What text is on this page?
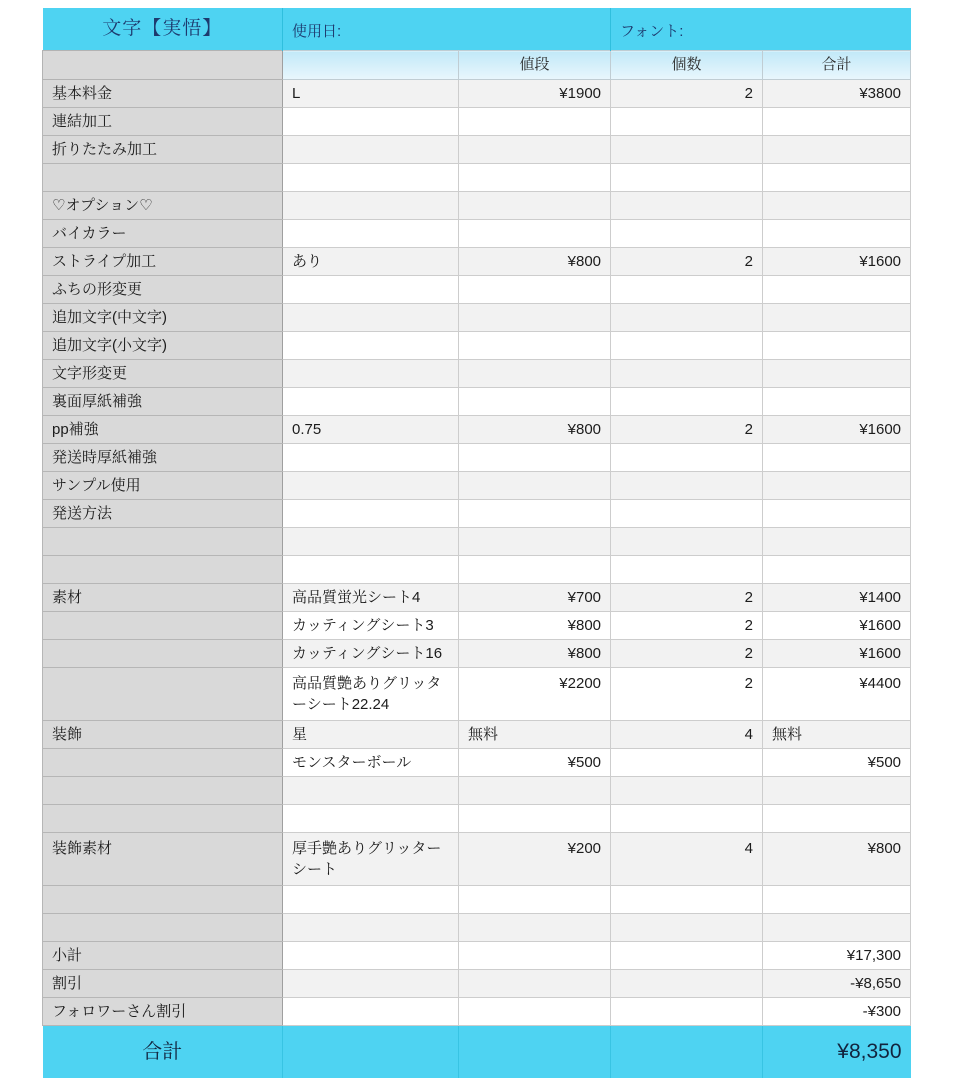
文字【実悟】	使用日:		フォント:	
		値段	個数	合計
基本料金	L	¥1900	2	¥3800
連結加工				
折りたたみ加工				

♡オプション♡				
バイカラー				
ストライプ加工	あり	¥800	2	¥1600
ふちの形変更				
追加文字(中文字)				
追加文字(小文字)				
文字形変更				
裏面厚紙補強				
pp補強	0.75	¥800	2	¥1600
発送時厚紙補強				
サンプル使用				
発送方法				

素材	高品質蛍光シート4	¥700	2	¥1400
	カッティングシート3	¥800	2	¥1600
	カッティングシート16	¥800	2	¥1600
	高品質艶ありグリッターシート22.24	¥2200	2	¥4400
装飾	星	無料	4	無料
	モンスターボール	¥500		¥500

装飾素材	厚手艶ありグリッターシート	¥200	4	¥800

小計				¥17,300
割引				-¥8,650
フォロワーさん割引				-¥300
合計				¥8,350
